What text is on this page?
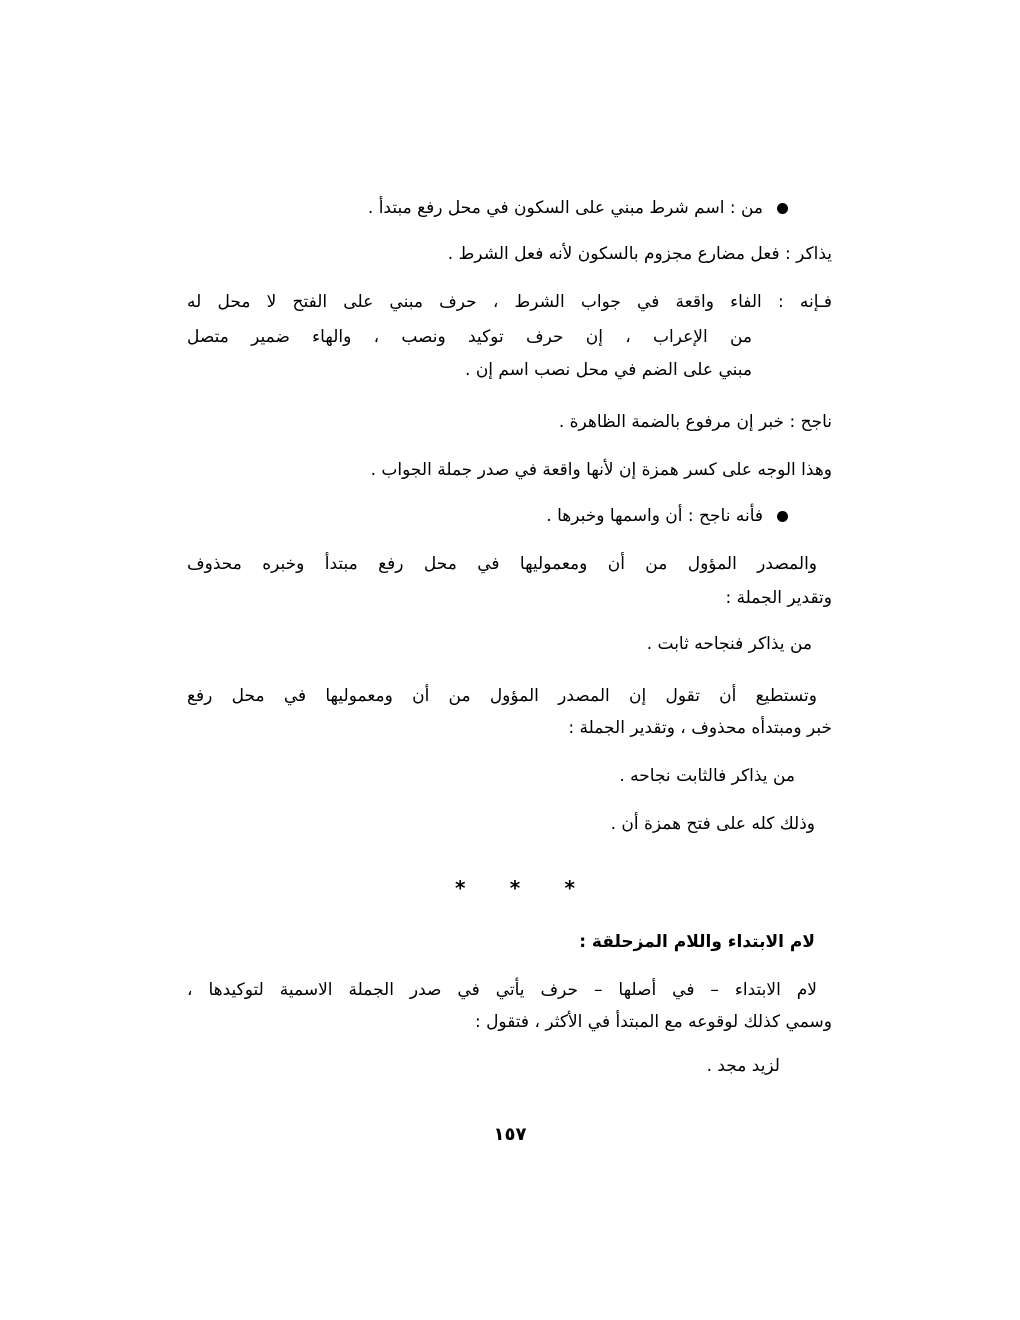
من : اسم شرط مبني على السكون في محل رفع مبتدأ .
يذاكر : فعل مضارع مجزوم بالسكون لأنه فعل الشرط .
فـإنه : الفاء واقعة في جواب الشرط ، حرف مبني على الفتح لا محل له
من الإعراب ، إن حرف توكيد ونصب ، والهاء ضمير متصل
مبني على الضم في محل نصب اسم إن .
ناجح : خبر إن مرفوع بالضمة الظاهرة .
وهذا الوجه على كسر همزة إن لأنها واقعة في صدر جملة الجواب .
فأنه ناجح : أن واسمها وخبرها .
والمصدر المؤول من أن ومعموليها في محل رفع مبتدأ وخبره محذوف
وتقدير الجملة :
من يذاكر فنجاحه ثابت .
وتستطيع أن تقول إن المصدر المؤول من أن ومعموليها في محل رفع
خبر ومبتدأه محذوف ، وتقدير الجملة :
من يذاكر فالثابت نجاحه .
وذلك كله على فتح همزة أن .
* * *
لام الابتداء واللام المزحلقة :
لام الابتداء – في أصلها – حرف يأتي في صدر الجملة الاسمية لتوكيدها ،
وسمي كذلك لوقوعه مع المبتدأ في الأكثر ، فتقول :
لزيد مجد .
١٥٧
